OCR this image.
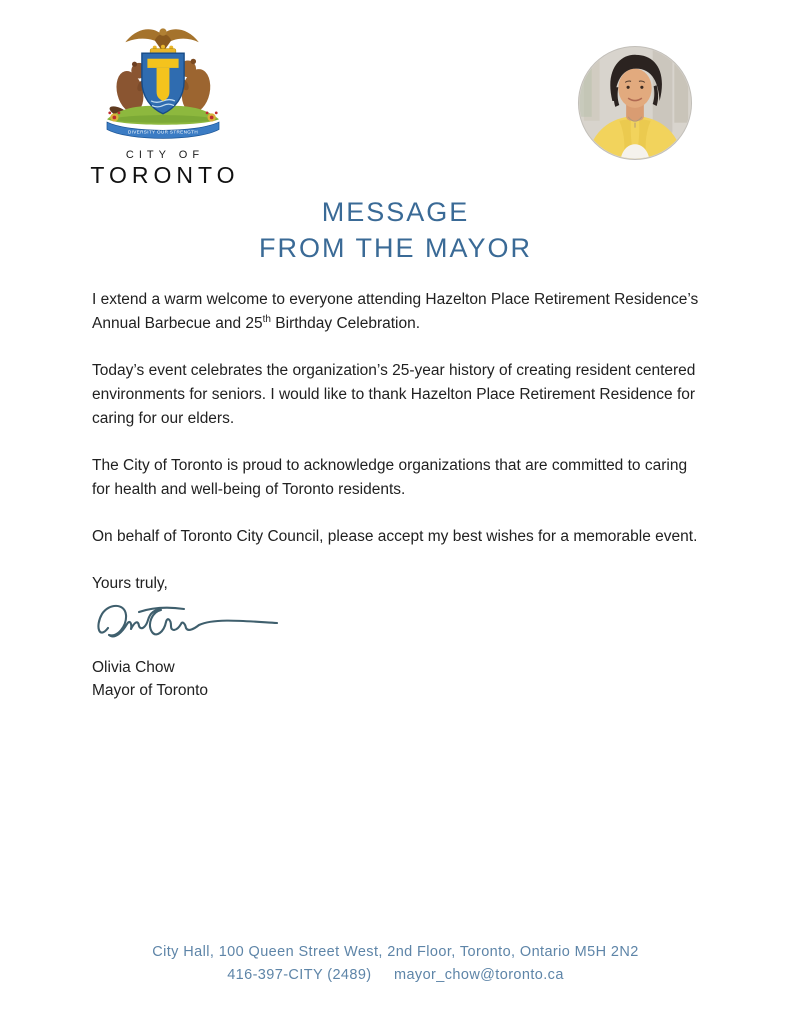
DIVERSITY OUR STRENGTH
CITY OF
TORONTO
MESSAGE
FROM THE MAYOR

I extend a warm welcome to everyone attending Hazelton Place Retirement Residence’s Annual Barbecue and 25th Birthday Celebration.

Today’s event celebrates the organization’s 25-year history of creating resident centered environments for seniors. I would like to thank Hazelton Place Retirement Residence for caring for our elders.

The City of Toronto is proud to acknowledge organizations that are committed to caring for health and well-being of Toronto residents.

On behalf of Toronto City Council, please accept my best wishes for a memorable event.

Yours truly,

Olivia Chow
Mayor of Toronto
City Hall, 100 Queen Street West, 2nd Floor, Toronto, Ontario M5H 2N2
416-397-CITY (2489) mayor_chow@toronto.ca
